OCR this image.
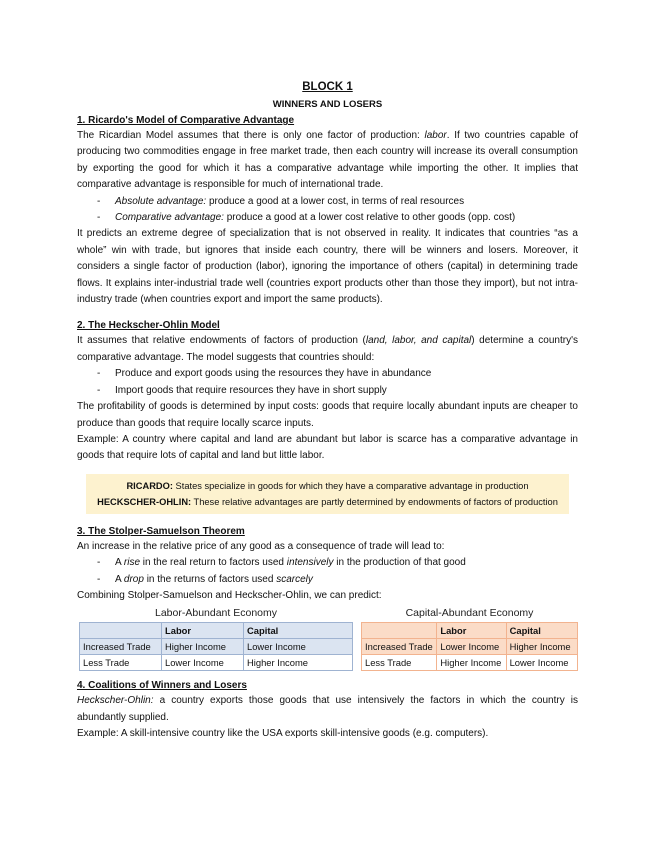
BLOCK 1
WINNERS AND LOSERS
1. Ricardo's Model of Comparative Advantage

The Ricardian Model assumes that there is only one factor of production: labor. If two countries capable of producing two commodities engage in free market trade, then each country will increase its overall consumption by exporting the good for which it has a comparative advantage while importing the other. It implies that comparative advantage is responsible for much of international trade.

- Absolute advantage: produce a good at a lower cost, in terms of real resources
- Comparative advantage: produce a good at a lower cost relative to other goods (opp. cost)

It predicts an extreme degree of specialization that is not observed in reality. It indicates that countries “as a whole” win with trade, but ignores that inside each country, there will be winners and losers. Moreover, it considers a single factor of production (labor), ignoring the importance of others (capital) in determining trade flows. It explains inter-industrial trade well (countries export products other than those they import), but not intra-industry trade (when countries export and import the same products).

2. The Heckscher-Ohlin Model

It assumes that relative endowments of factors of production (land, labor, and capital) determine a country's comparative advantage. The model suggests that countries should:

- Produce and export goods using the resources they have in abundance
- Import goods that require resources they have in short supply

The profitability of goods is determined by input costs: goods that require locally abundant inputs are cheaper to produce than goods that require locally scarce inputs.

Example: A country where capital and land are abundant but labor is scarce has a comparative advantage in goods that require lots of capital and land but little labor.

RICARDO: States specialize in goods for which they have a comparative advantage in production
HECKSCHER-OHLIN: These relative advantages are partly determined by endowments of factors of production
3. The Stolper-Samuelson Theorem

An increase in the relative price of any good as a consequence of trade will lead to:

- A rise in the real return to factors used intensively in the production of that good
- A drop in the returns of factors used scarcely

Combining Stolper-Samuelson and Heckscher-Ohlin, we can predict:

Labor-Abundant Economy
	Labor	Capital
Increased Trade	Higher Income	Lower Income
Less Trade	Lower Income	Higher Income
Capital-Abundant Economy
	Labor	Capital
Increased Trade	Lower Income	Higher Income
Less Trade	Higher Income	Lower Income
4. Coalitions of Winners and Losers

Heckscher-Ohlin: a country exports those goods that use intensively the factors in which the country is abundantly supplied.

Example: A skill-intensive country like the USA exports skill-intensive goods (e.g. computers).
